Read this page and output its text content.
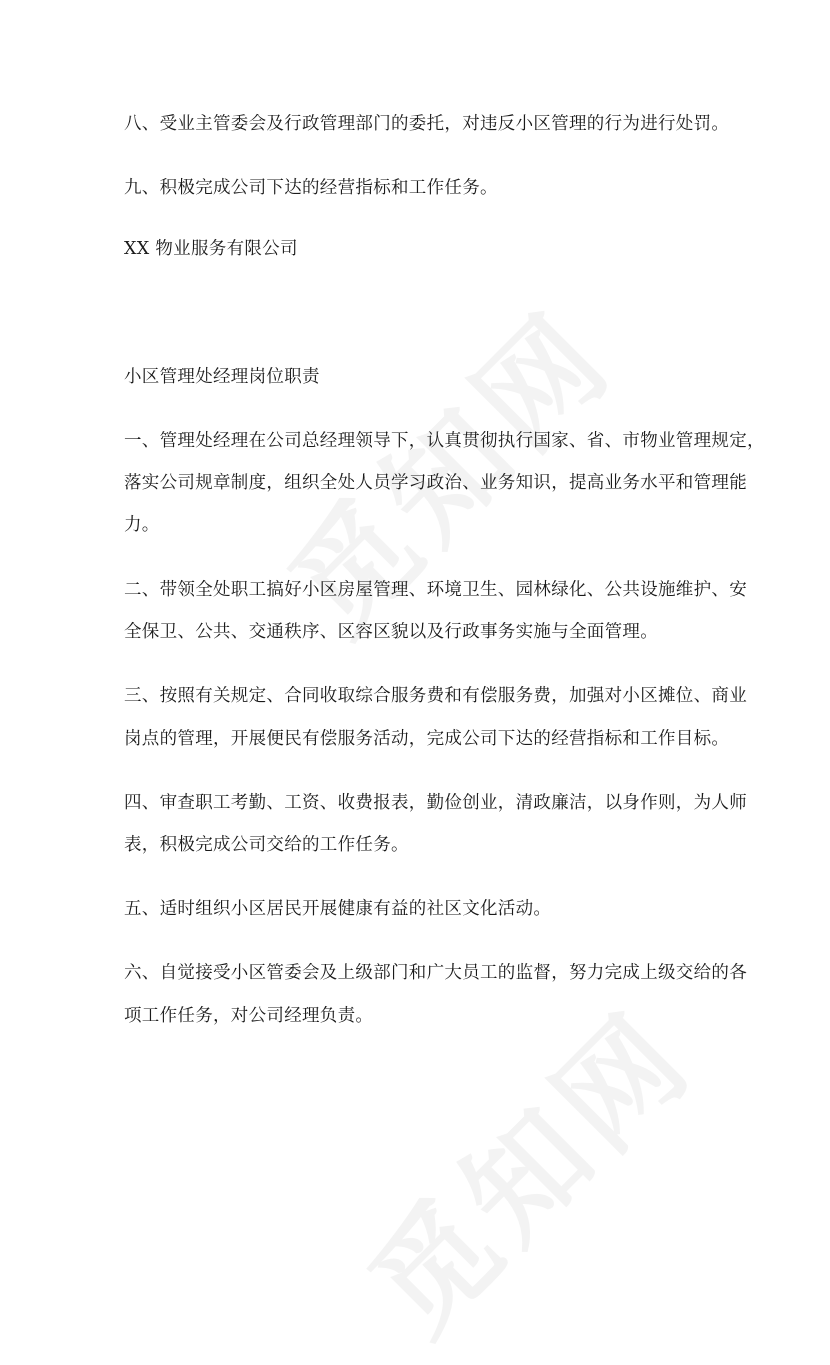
八、受业主管委会及行政管理部门的委托，对违反小区管理的行为进行处罚。
九、积极完成公司下达的经营指标和工作任务。
XX 物业服务有限公司
小区管理处经理岗位职责
一、管理处经理在公司总经理领导下，认真贯彻执行国家、省、市物业管理规定，
落实公司规章制度，组织全处人员学习政治、业务知识，提高业务水平和管理能
力。
二、带领全处职工搞好小区房屋管理、环境卫生、园林绿化、公共设施维护、安
全保卫、公共、交通秩序、区容区貌以及行政事务实施与全面管理。
三、按照有关规定、合同收取综合服务费和有偿服务费，加强对小区摊位、商业
岗点的管理，开展便民有偿服务活动，完成公司下达的经营指标和工作目标。
四、审查职工考勤、工资、收费报表，勤俭创业，清政廉洁，以身作则，为人师
表，积极完成公司交给的工作任务。
五、适时组织小区居民开展健康有益的社区文化活动。
六、自觉接受小区管委会及上级部门和广大员工的监督，努力完成上级交给的各
项工作任务，对公司经理负责。
